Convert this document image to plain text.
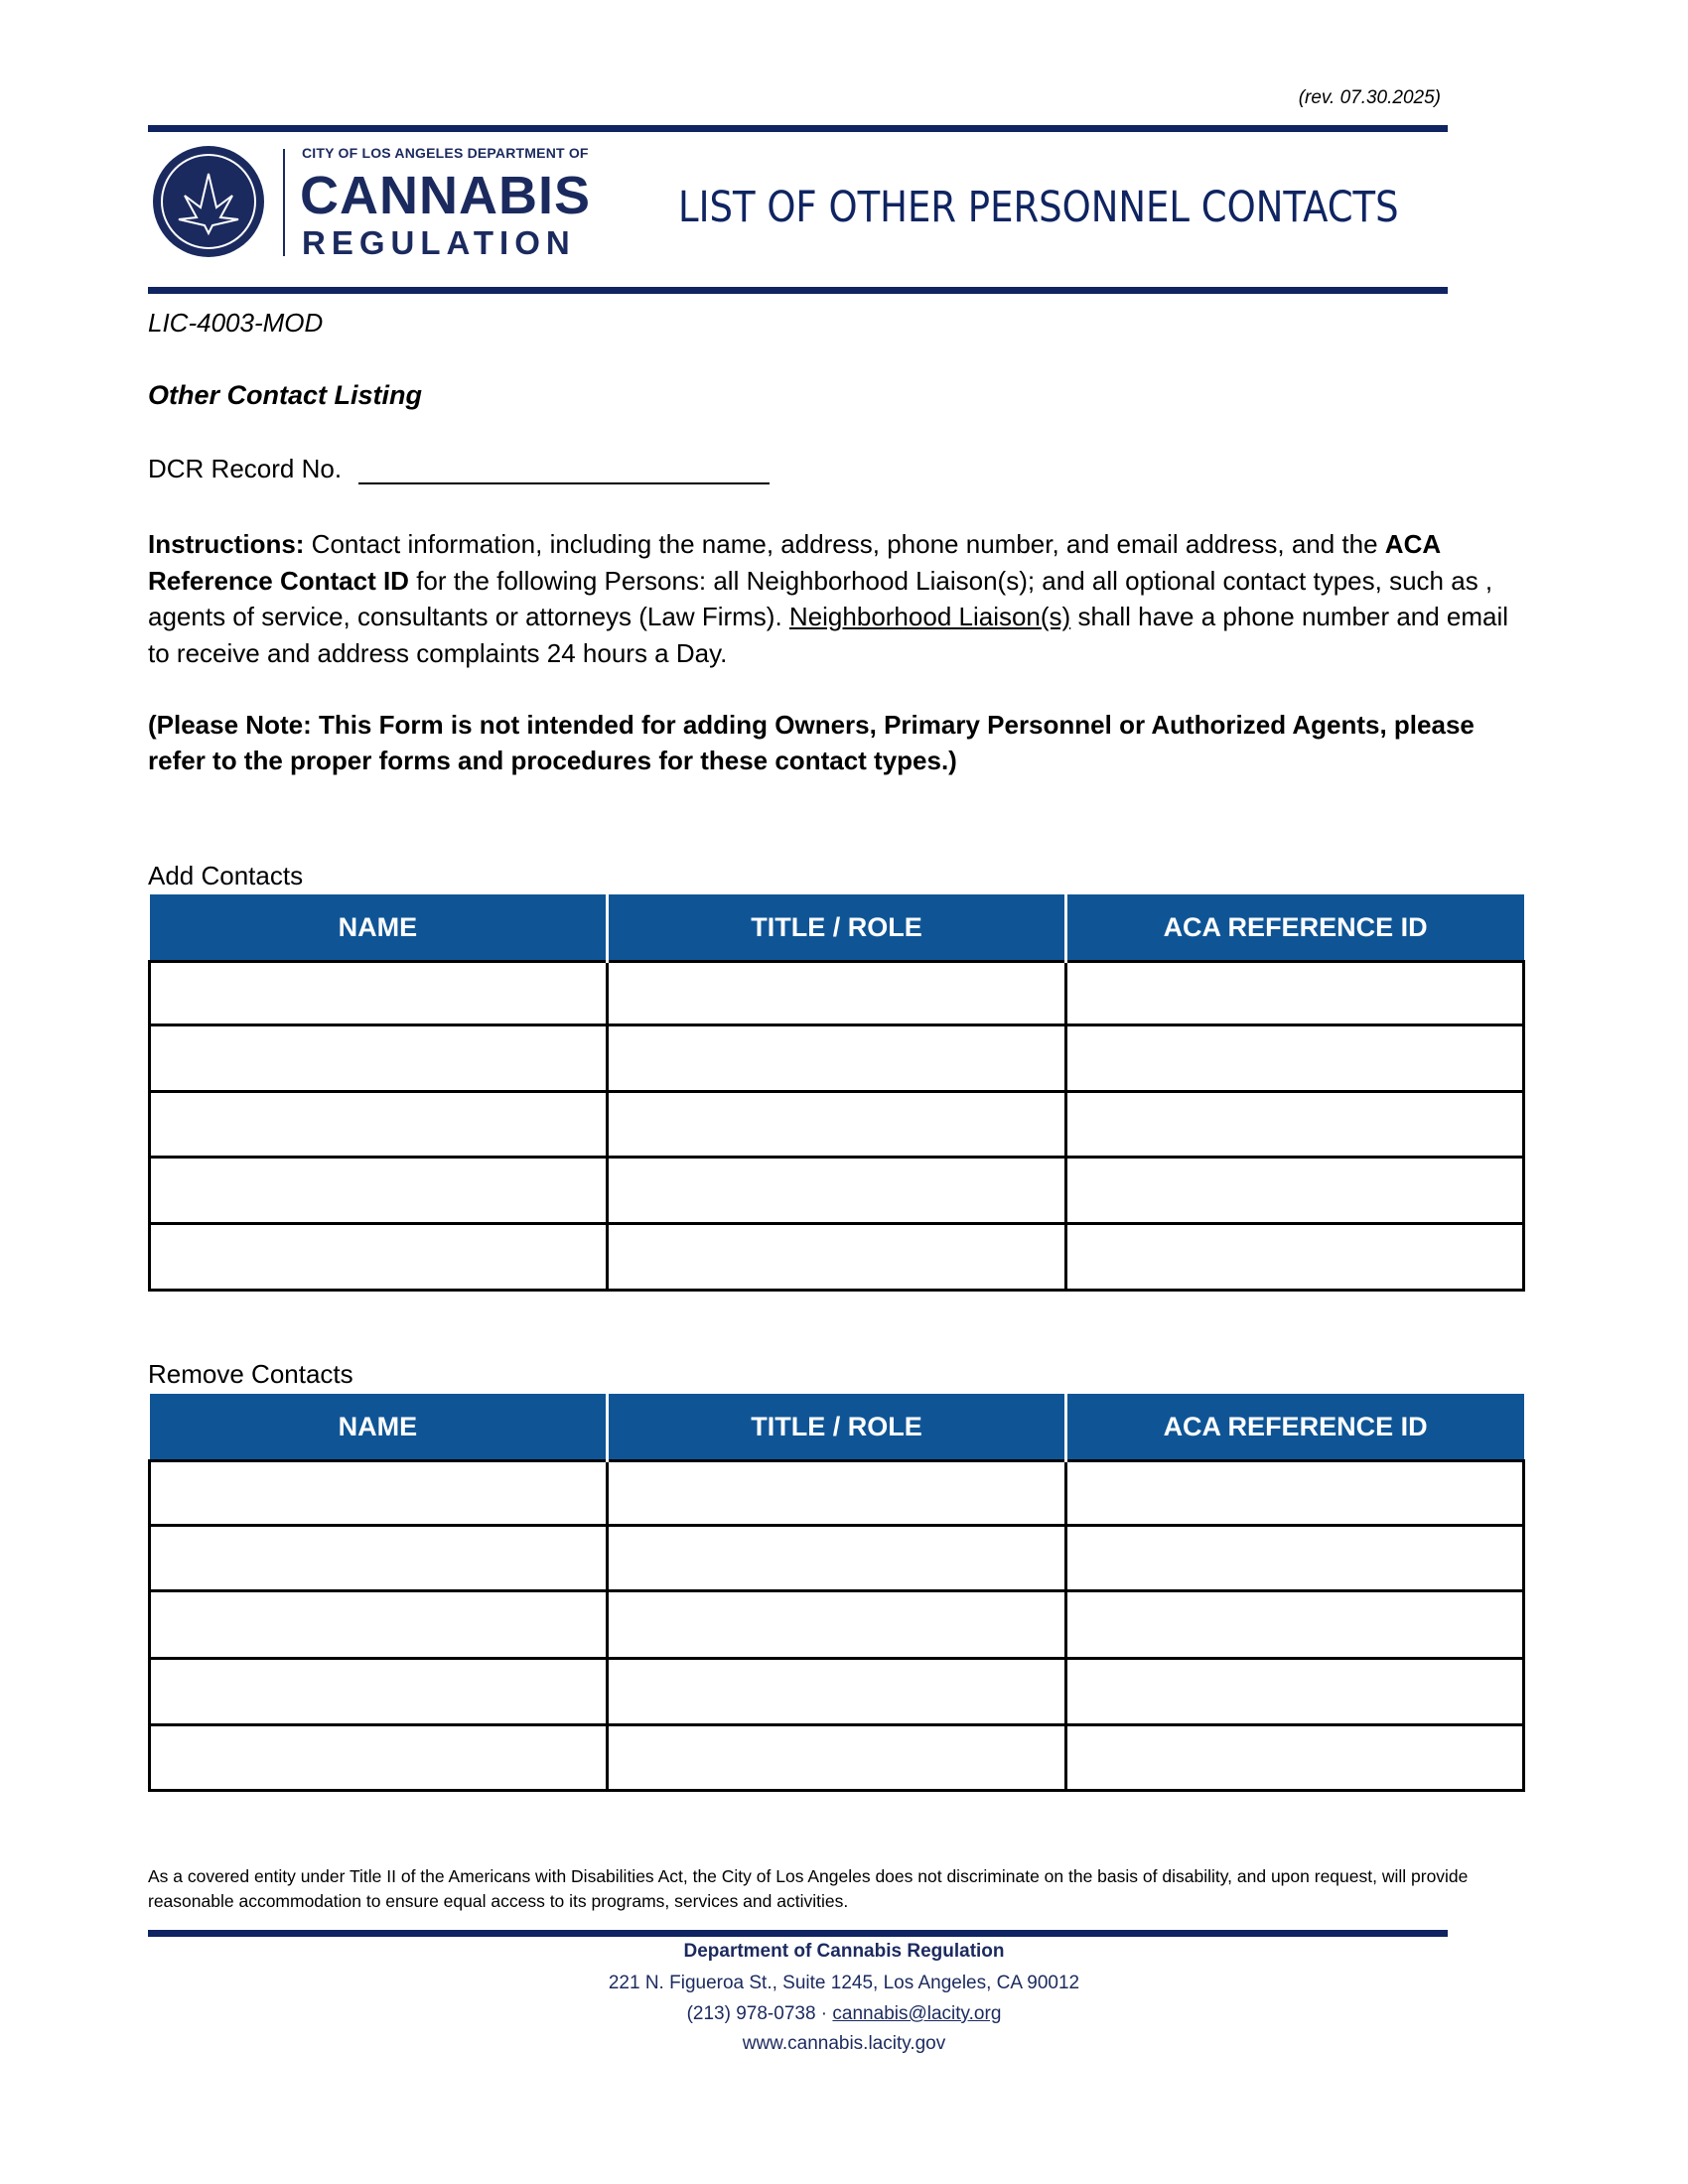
(rev. 07.30.2025)
CITY OF LOS ANGELES DEPARTMENT OF
CANNABIS
REGULATION
LIST OF OTHER PERSONNEL CONTACTS
LIC-4003-MOD
Other Contact Listing
DCR Record No.
Instructions: Contact information, including the name, address, phone number, and email address, and the ACA Reference Contact ID for the following Persons: all Neighborhood Liaison(s); and all optional contact types, such as , agents of service, consultants or attorneys (Law Firms). Neighborhood Liaison(s) shall have a phone number and email to receive and address complaints 24 hours a Day.
(Please Note: This Form is not intended for adding Owners, Primary Personnel or Authorized Agents, please refer to the proper forms and procedures for these contact types.)
Add Contacts
NAME	TITLE / ROLE	ACA REFERENCE ID

Remove Contacts
NAME	TITLE / ROLE	ACA REFERENCE ID

As a covered entity under Title II of the Americans with Disabilities Act, the City of Los Angeles does not discriminate on the basis of disability, and upon request, will provide reasonable accommodation to ensure equal access to its programs, services and activities.
Department of Cannabis Regulation
221 N. Figueroa St., Suite 1245, Los Angeles, CA 90012
(213) 978-0738 · cannabis@lacity.org
www.cannabis.lacity.gov
